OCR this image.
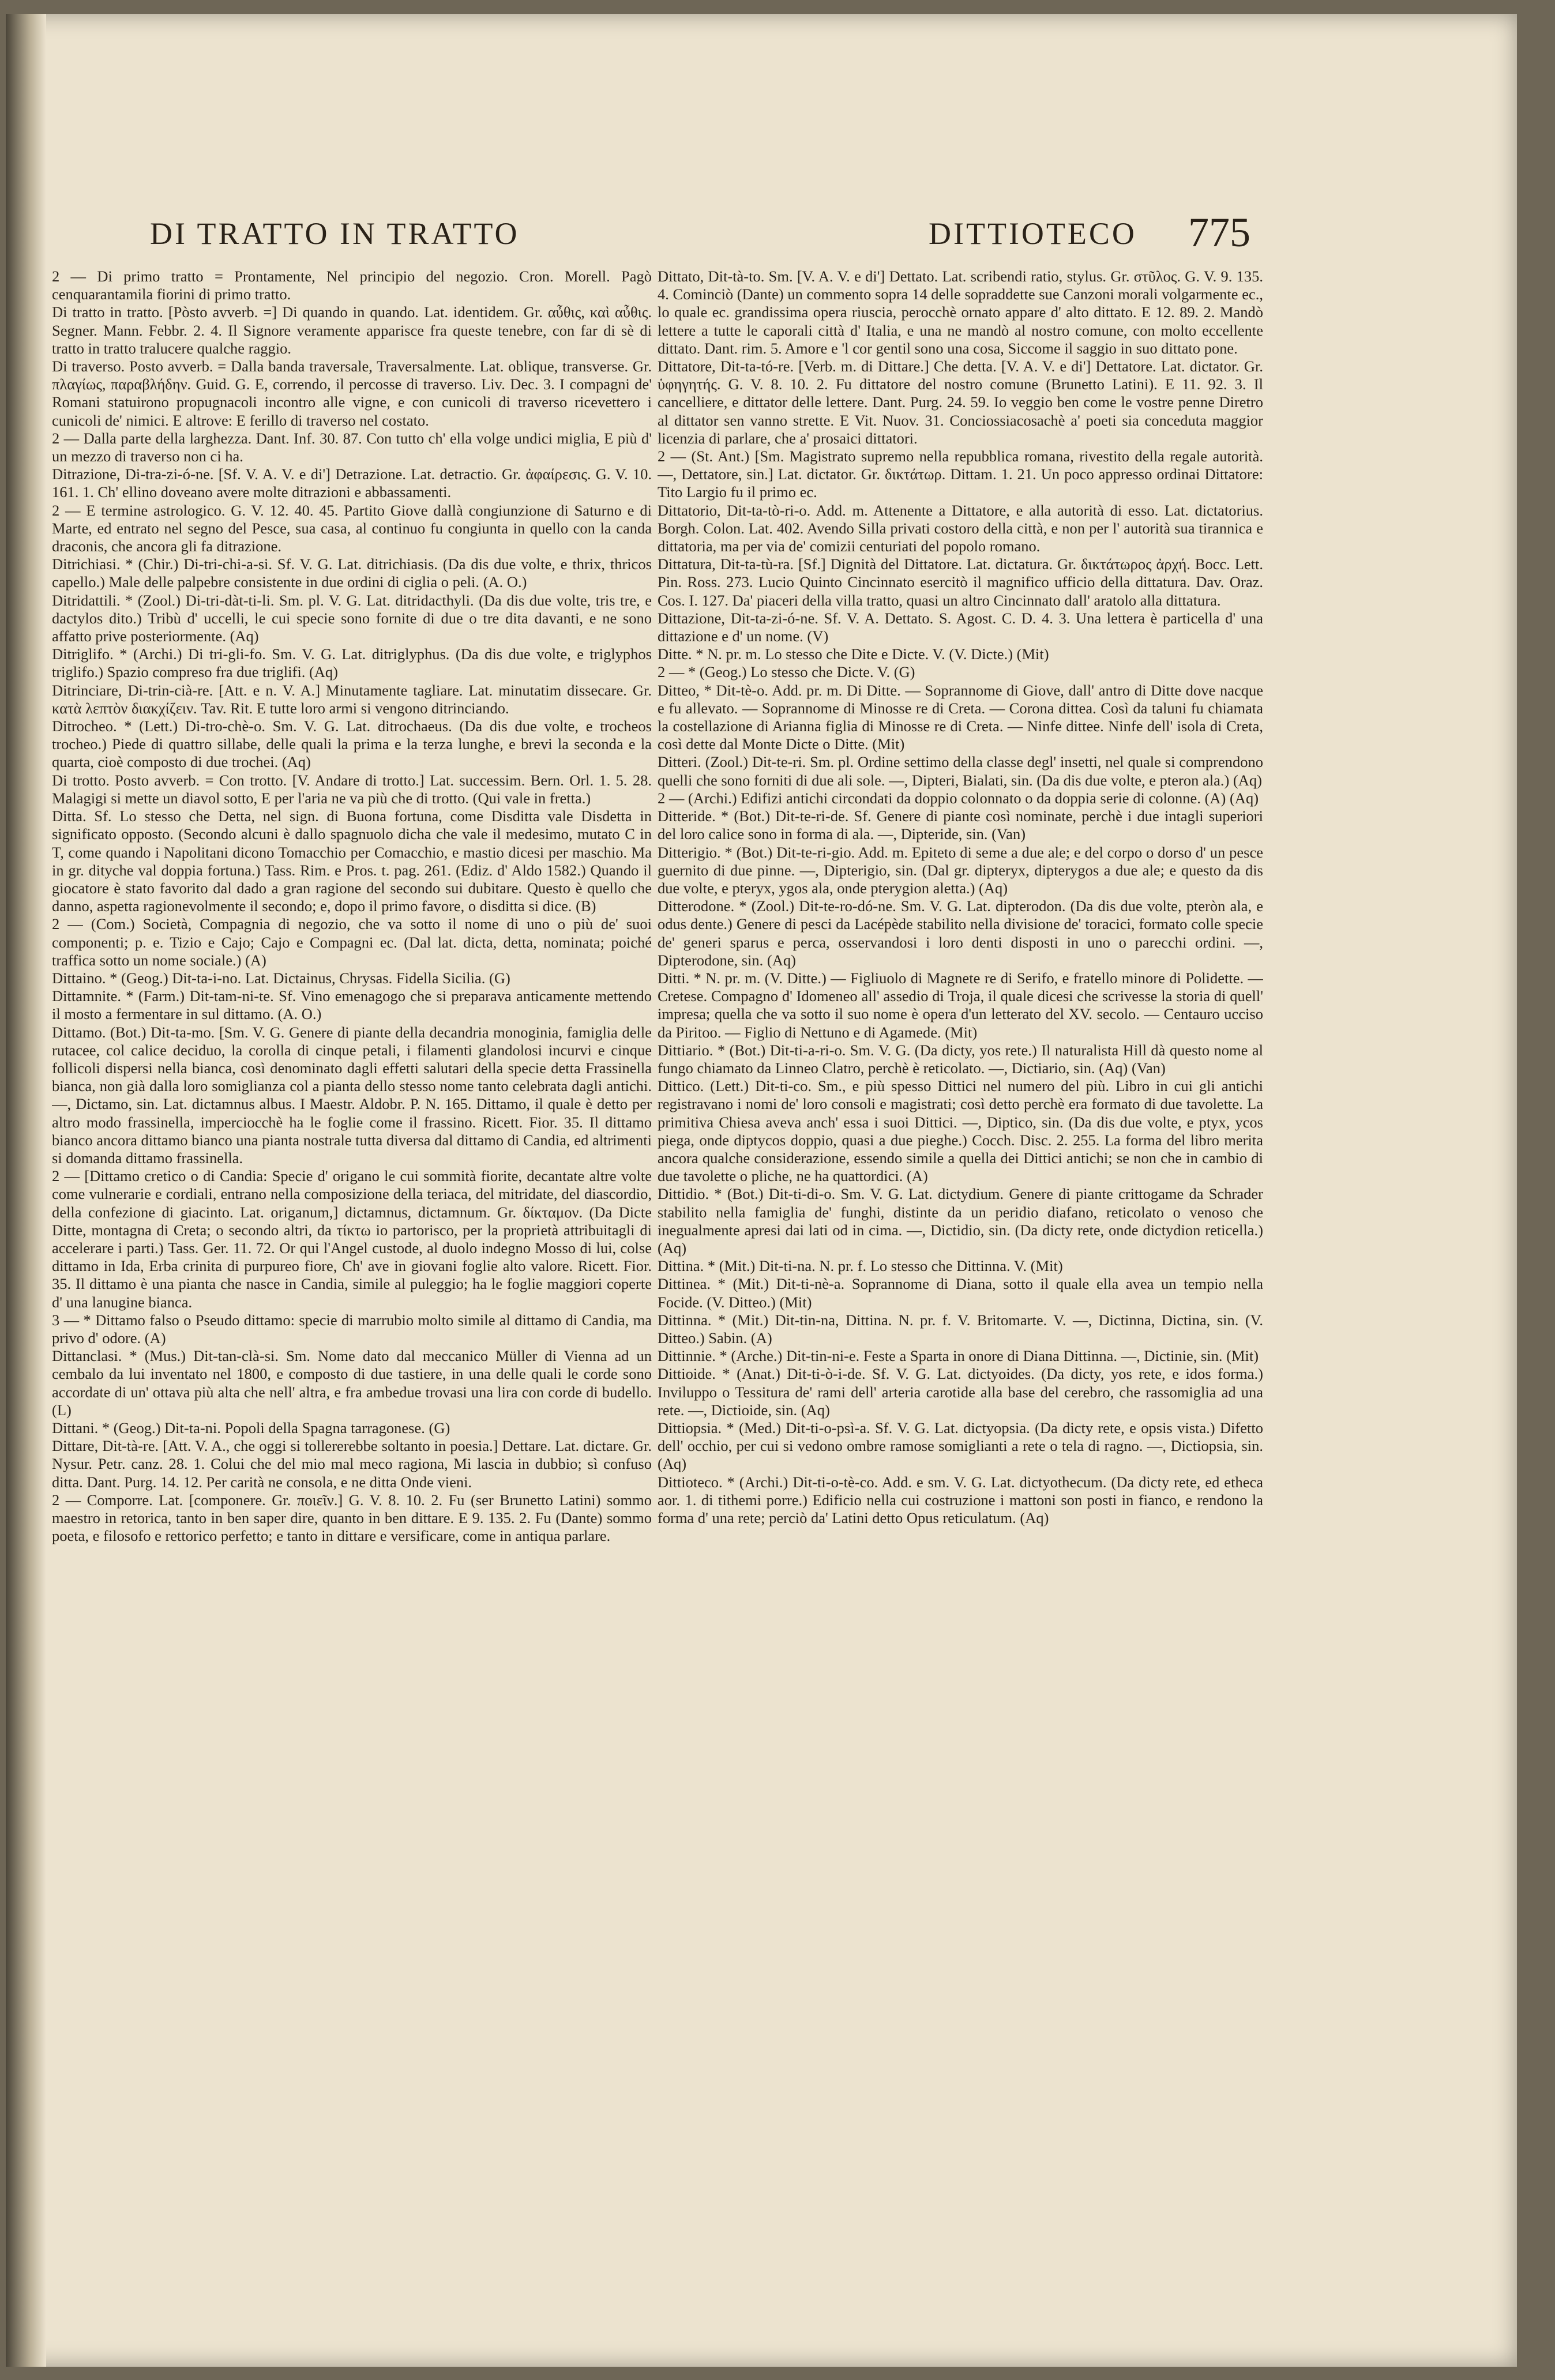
DI TRATTO IN TRATTO	DITTIOTECO 775

2 — Di primo tratto = Prontamente, Nel principio del negozio. Cron. Morell. Pagò cenquarantamila fiorini di primo tratto.

Di tratto in tratto. [Pòsto avverb. =] Di quando in quando. Lat. identidem. Gr. αὖθις, καὶ αὖθις. Segner. Mann. Febbr. 2. 4. Il Signore veramente apparisce fra queste tenebre, con far di sè di tratto in tratto tralucere qualche raggio.

Di traverso. Posto avverb. = Dalla banda traversale, Traversalmente. Lat. oblique, transverse. Gr. πλαγίως, παραβλήδην. Guid. G. E, correndo, il percosse di traverso. Liv. Dec. 3. I compagni de' Romani statuirono propugnacoli incontro alle vigne, e con cunicoli di traverso ricevettero i cunicoli de' nimici. E altrove: E ferillo di traverso nel costato.

2 — Dalla parte della larghezza. Dant. Inf. 30. 87. Con tutto ch' ella volge undici miglia, E più d' un mezzo di traverso non ci ha.

Ditrazione, Di-tra-zi-ó-ne. [Sf. V. A. V. e di'] Detrazione. Lat. detractio. Gr. ἀφαίρεσις. G. V. 10. 161. 1. Ch' ellino doveano avere molte ditrazioni e abbassamenti.

2 — E termine astrologico. G. V. 12. 40. 45. Partito Giove dallà congiunzione di Saturno e di Marte, ed entrato nel segno del Pesce, sua casa, al continuo fu congiunta in quello con la canda draconis, che ancora gli fa ditrazione.

Ditrichiasi. * (Chir.) Di-tri-chi-a-si. Sf. V. G. Lat. ditrichiasis. (Da dis due volte, e thrix, thricos capello.) Male delle palpebre consistente in due ordini di ciglia o peli. (A. O.)

Ditridattili. * (Zool.) Di-tri-dàt-ti-li. Sm. pl. V. G. Lat. ditridacthyli. (Da dis due volte, tris tre, e dactylos dito.) Tribù d' uccelli, le cui specie sono fornite di due o tre dita davanti, e ne sono affatto prive posteriormente. (Aq)

Ditriglifo. * (Archi.) Di tri-gli-fo. Sm. V. G. Lat. ditriglyphus. (Da dis due volte, e triglyphos triglifo.) Spazio compreso fra due triglifi. (Aq)

Ditrinciare, Di-trin-cià-re. [Att. e n. V. A.] Minutamente tagliare. Lat. minutatim dissecare. Gr. κατὰ λεπτὸν διακχίζειν. Tav. Rit. E tutte loro armi si vengono ditrinciando.

Ditrocheo. * (Lett.) Di-tro-chè-o. Sm. V. G. Lat. ditrochaeus. (Da dis due volte, e trocheos trocheo.) Piede di quattro sillabe, delle quali la prima e la terza lunghe, e brevi la seconda e la quarta, cioè composto di due trochei. (Aq)

Di trotto. Posto avverb. = Con trotto. [V. Andare di trotto.] Lat. successim. Bern. Orl. 1. 5. 28. Malagigi si mette un diavol sotto, E per l'aria ne va più che di trotto. (Qui vale in fretta.)

Ditta. Sf. Lo stesso che Detta, nel sign. di Buona fortuna, come Disditta vale Disdetta in significato opposto. (Secondo alcuni è dallo spagnuolo dicha che vale il medesimo, mutato C in T, come quando i Napolitani dicono Tomacchio per Comacchio, e mastio dicesi per maschio. Ma in gr. dityche val doppia fortuna.) Tass. Rim. e Pros. t. pag. 261. (Ediz. d' Aldo 1582.) Quando il giocatore è stato favorito dal dado a gran ragione del secondo sui dubitare. Questo è quello che danno, aspetta ragionevolmente il secondo; e, dopo il primo favore, o disditta si dice. (B)

2 — (Com.) Società, Compagnia di negozio, che va sotto il nome di uno o più de' suoi componenti; p. e. Tizio e Cajo; Cajo e Compagni ec. (Dal lat. dicta, detta, nominata; poiché traffica sotto un nome sociale.) (A)

Dittaino. * (Geog.) Dit-ta-i-no. Lat. Dictainus, Chrysas. Fidella Sicilia. (G)

Dittamnite. * (Farm.) Dit-tam-ni-te. Sf. Vino emenagogo che si preparava anticamente mettendo il mosto a fermentare in sul dittamo. (A. O.)

Dittamo. (Bot.) Dit-ta-mo. [Sm. V. G. Genere di piante della decandria monoginia, famiglia delle rutacee, col calice deciduo, la corolla di cinque petali, i filamenti glandolosi incurvi e cinque follicoli dispersi nella bianca, così denominato dagli effetti salutari della specie detta Frassinella bianca, non già dalla loro somiglianza col a pianta dello stesso nome tanto celebrata dagli antichi. —, Dictamo, sin. Lat. dictamnus albus. I Maestr. Aldobr. P. N. 165. Dittamo, il quale è detto per altro modo frassinella, imperciocchè ha le foglie come il frassino. Ricett. Fior. 35. Il dittamo bianco ancora dittamo bianco una pianta nostrale tutta diversa dal dittamo di Candia, ed altrimenti si domanda dittamo frassinella.

2 — [Dittamo cretico o di Candia: Specie d' origano le cui sommità fiorite, decantate altre volte come vulnerarie e cordiali, entrano nella composizione della teriaca, del mitridate, del diascordio, della confezione di giacinto. Lat. origanum,] dictamnus, dictamnum. Gr. δίκταμον. (Da Dicte Ditte, montagna di Creta; o secondo altri, da τίκτω io partorisco, per la proprietà attribuitagli di accelerare i parti.) Tass. Ger. 11. 72. Or qui l'Angel custode, al duolo indegno Mosso di lui, colse dittamo in Ida, Erba crinita di purpureo fiore, Ch' ave in giovani foglie alto valore. Ricett. Fior. 35. Il dittamo è una pianta che nasce in Candia, simile al puleggio; ha le foglie maggiori coperte d' una lanugine bianca.

3 — * Dittamo falso o Pseudo dittamo: specie di marrubio molto simile al dittamo di Candia, ma privo d' odore. (A)

Dittanclasi. * (Mus.) Dit-tan-clà-si. Sm. Nome dato dal meccanico Müller di Vienna ad un cembalo da lui inventato nel 1800, e composto di due tastiere, in una delle quali le corde sono accordate di un' ottava più alta che nell' altra, e fra ambedue trovasi una lira con corde di budello. (L)

Dittani. * (Geog.) Dit-ta-ni. Popoli della Spagna tarragonese. (G)

Dittare, Dit-tà-re. [Att. V. A., che oggi si tollererebbe soltanto in poesia.] Dettare. Lat. dictare. Gr. Nysur. Petr. canz. 28. 1. Colui che del mio mal meco ragiona, Mi lascia in dubbio; sì confuso ditta. Dant. Purg. 14. 12. Per carità ne consola, e ne ditta Onde vieni.

2 — Comporre. Lat. [componere. Gr. ποιεῖν.] G. V. 8. 10. 2. Fu (ser Brunetto Latini) sommo maestro in retorica, tanto in ben saper dire, quanto in ben dittare. E 9. 135. 2. Fu (Dante) sommo poeta, e filosofo e rettorico perfetto; e tanto in dittare e versificare, come in antiqua parlare.

Dittato, Dit-tà-to. Sm. [V. A. V. e di'] Dettato. Lat. scribendi ratio, stylus. Gr. στῦλος. G. V. 9. 135. 4. Cominciò (Dante) un commento sopra 14 delle sopraddette sue Canzoni morali volgarmente ec., lo quale ec. grandissima opera riuscia, perocchè ornato appare d' alto dittato. E 12. 89. 2. Mandò lettere a tutte le caporali città d' Italia, e una ne mandò al nostro comune, con molto eccellente dittato. Dant. rim. 5. Amore e 'l cor gentil sono una cosa, Siccome il saggio in suo dittato pone.

Dittatore, Dit-ta-tó-re. [Verb. m. di Dittare.] Che detta. [V. A. V. e di'] Dettatore. Lat. dictator. Gr. ὑφηγητής. G. V. 8. 10. 2. Fu dittatore del nostro comune (Brunetto Latini). E 11. 92. 3. Il cancelliere, e dittator delle lettere. Dant. Purg. 24. 59. Io veggio ben come le vostre penne Diretro al dittator sen vanno strette. E Vit. Nuov. 31. Conciossiacosachè a' poeti sia conceduta maggior licenzia di parlare, che a' prosaici dittatori.

2 — (St. Ant.) [Sm. Magistrato supremo nella repubblica romana, rivestito della regale autorità. —, Dettatore, sin.] Lat. dictator. Gr. δικτάτωρ. Dittam. 1. 21. Un poco appresso ordinai Dittatore: Tito Largio fu il primo ec.

Dittatorio, Dit-ta-tò-ri-o. Add. m. Attenente a Dittatore, e alla autorità di esso. Lat. dictatorius. Borgh. Colon. Lat. 402. Avendo Silla privati costoro della città, e non per l' autorità sua tirannica e dittatoria, ma per via de' comizii centuriati del popolo romano.

Dittatura, Dit-ta-tù-ra. [Sf.] Dignità del Dittatore. Lat. dictatura. Gr. δικτάτωρος ἀρχή. Bocc. Lett. Pin. Ross. 273. Lucio Quinto Cincinnato esercitò il magnifico ufficio della dittatura. Dav. Oraz. Cos. I. 127. Da' piaceri della villa tratto, quasi un altro Cincinnato dall' aratolo alla dittatura.

Dittazione, Dit-ta-zi-ó-ne. Sf. V. A. Dettato. S. Agost. C. D. 4. 3. Una lettera è particella d' una dittazione e d' un nome. (V)

Ditte. * N. pr. m. Lo stesso che Dite e Dicte. V. (V. Dicte.) (Mit)

2 — * (Geog.) Lo stesso che Dicte. V. (G)

Ditteo, * Dit-tè-o. Add. pr. m. Di Ditte. — Soprannome di Giove, dall' antro di Ditte dove nacque e fu allevato. — Soprannome di Minosse re di Creta. — Corona dittea. Così da taluni fu chiamata la costellazione di Arianna figlia di Minosse re di Creta. — Ninfe dittee. Ninfe dell' isola di Creta, così dette dal Monte Dicte o Ditte. (Mit)

Ditteri. (Zool.) Dit-te-ri. Sm. pl. Ordine settimo della classe degl' insetti, nel quale si comprendono quelli che sono forniti di due ali sole. —, Dipteri, Bialati, sin. (Da dis due volte, e pteron ala.) (Aq)

2 — (Archi.) Edifizi antichi circondati da doppio colonnato o da doppia serie di colonne. (A) (Aq)

Ditteride. * (Bot.) Dit-te-ri-de. Sf. Genere di piante così nominate, perchè i due intagli superiori del loro calice sono in forma di ala. —, Dipteride, sin. (Van)

Ditterigio. * (Bot.) Dit-te-ri-gio. Add. m. Epiteto di seme a due ale; e del corpo o dorso d' un pesce guernito di due pinne. —, Dipterigio, sin. (Dal gr. dipteryx, dipterygos a due ale; e questo da dis due volte, e pteryx, ygos ala, onde pterygion aletta.) (Aq)

Ditterodone. * (Zool.) Dit-te-ro-dó-ne. Sm. V. G. Lat. dipterodon. (Da dis due volte, pteròn ala, e odus dente.) Genere di pesci da Lacépède stabilito nella divisione de' toracici, formato colle specie de' generi sparus e perca, osservandosi i loro denti disposti in uno o parecchi ordini. —, Dipterodone, sin. (Aq)

Ditti. * N. pr. m. (V. Ditte.) — Figliuolo di Magnete re di Serifo, e fratello minore di Polidette. — Cretese. Compagno d' Idomeneo all' assedio di Troja, il quale dicesi che scrivesse la storia di quell' impresa; quella che va sotto il suo nome è opera d'un letterato del XV. secolo. — Centauro ucciso da Piritoo. — Figlio di Nettuno e di Agamede. (Mit)

Dittiario. * (Bot.) Dit-ti-a-ri-o. Sm. V. G. (Da dicty, yos rete.) Il naturalista Hill dà questo nome al fungo chiamato da Linneo Clatro, perchè è reticolato. —, Dictiario, sin. (Aq) (Van)

Dittico. (Lett.) Dit-ti-co. Sm., e più spesso Dittici nel numero del più. Libro in cui gli antichi registravano i nomi de' loro consoli e magistrati; così detto perchè era formato di due tavolette. La primitiva Chiesa aveva anch' essa i suoi Dittici. —, Diptico, sin. (Da dis due volte, e ptyx, ycos piega, onde diptycos doppio, quasi a due pieghe.) Cocch. Disc. 2. 255. La forma del libro merita ancora qualche considerazione, essendo simile a quella dei Dittici antichi; se non che in cambio di due tavolette o pliche, ne ha quattordici. (A)

Dittidio. * (Bot.) Dit-ti-di-o. Sm. V. G. Lat. dictydium. Genere di piante crittogame da Schrader stabilito nella famiglia de' funghi, distinte da un peridio diafano, reticolato o venoso che inegualmente apresi dai lati od in cima. —, Dictidio, sin. (Da dicty rete, onde dictydion reticella.) (Aq)

Dittina. * (Mit.) Dit-ti-na. N. pr. f. Lo stesso che Dittinna. V. (Mit)

Dittinea. * (Mit.) Dit-ti-nè-a. Soprannome di Diana, sotto il quale ella avea un tempio nella Focide. (V. Ditteo.) (Mit)

Dittinna. * (Mit.) Dit-tin-na, Dittina. N. pr. f. V. Britomarte. V. —, Dictinna, Dictina, sin. (V. Ditteo.) Sabin. (A)

Dittinnie. * (Arche.) Dit-tin-ni-e. Feste a Sparta in onore di Diana Dittinna. —, Dictinie, sin. (Mit)

Dittioide. * (Anat.) Dit-ti-ò-i-de. Sf. V. G. Lat. dictyoides. (Da dicty, yos rete, e idos forma.) Inviluppo o Tessitura de' rami dell' arteria carotide alla base del cerebro, che rassomiglia ad una rete. —, Dictioide, sin. (Aq)

Dittiopsia. * (Med.) Dit-ti-o-psì-a. Sf. V. G. Lat. dictyopsia. (Da dicty rete, e opsis vista.) Difetto dell' occhio, per cui si vedono ombre ramose somiglianti a rete o tela di ragno. —, Dictiopsia, sin. (Aq)

Dittioteco. * (Archi.) Dit-ti-o-tè-co. Add. e sm. V. G. Lat. dictyothecum. (Da dicty rete, ed etheca aor. 1. di tithemi porre.) Edificio nella cui costruzione i mattoni son posti in fianco, e rendono la forma d' una rete; perciò da' Latini detto Opus reticulatum. (Aq)
